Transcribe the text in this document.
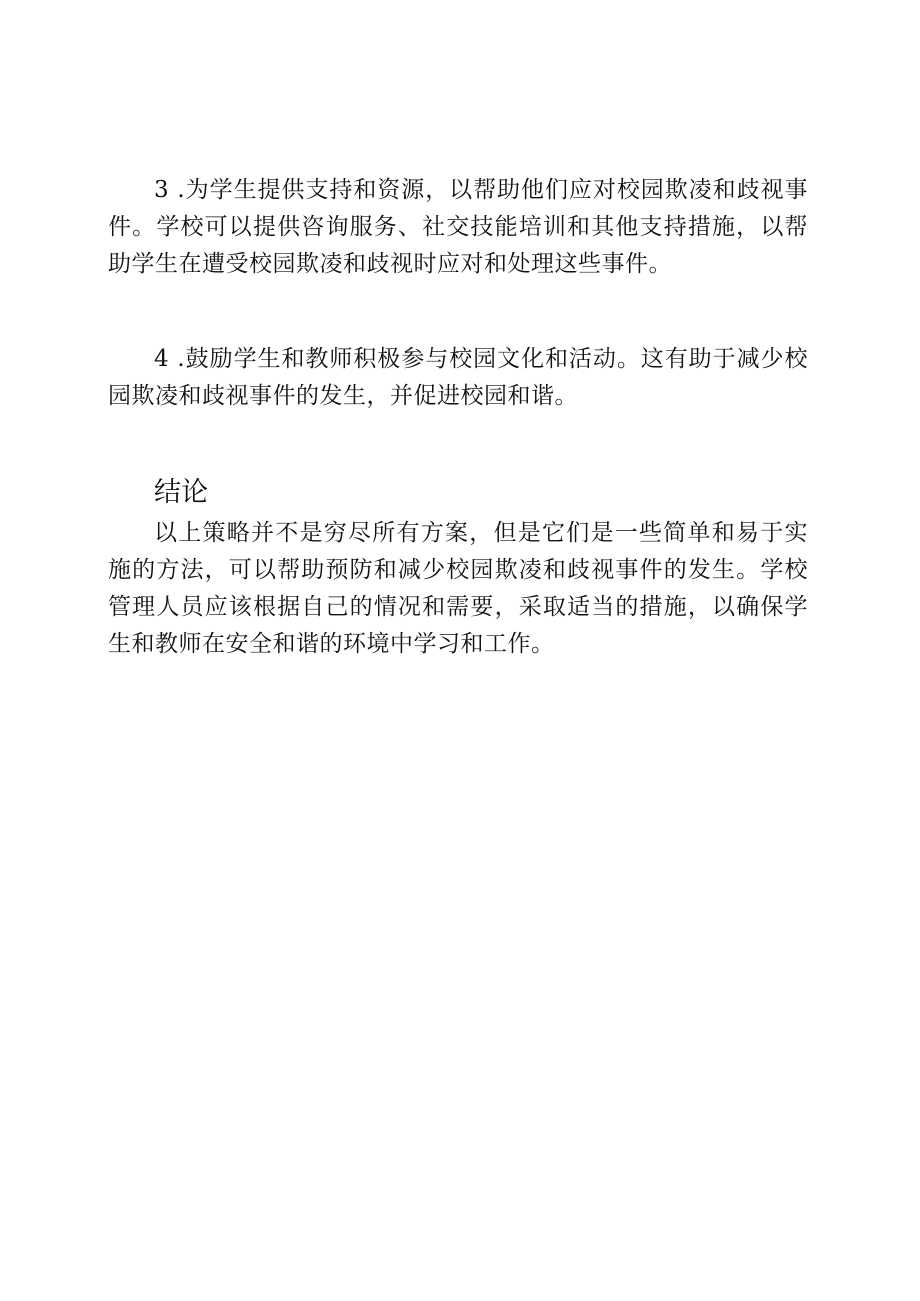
3 .为学生提供支持和资源，以帮助他们应对校园欺凌和歧视事件。学校可以提供咨询服务、社交技能培训和其他支持措施，以帮助学生在遭受校园欺凌和歧视时应对和处理这些事件。

4 .鼓励学生和教师积极参与校园文化和活动。这有助于减少校园欺凌和歧视事件的发生，并促进校园和谐。

结论

以上策略并不是穷尽所有方案，但是它们是一些简单和易于实施的方法，可以帮助预防和减少校园欺凌和歧视事件的发生。学校管理人员应该根据自己的情况和需要，采取适当的措施，以确保学生和教师在安全和谐的环境中学习和工作。
